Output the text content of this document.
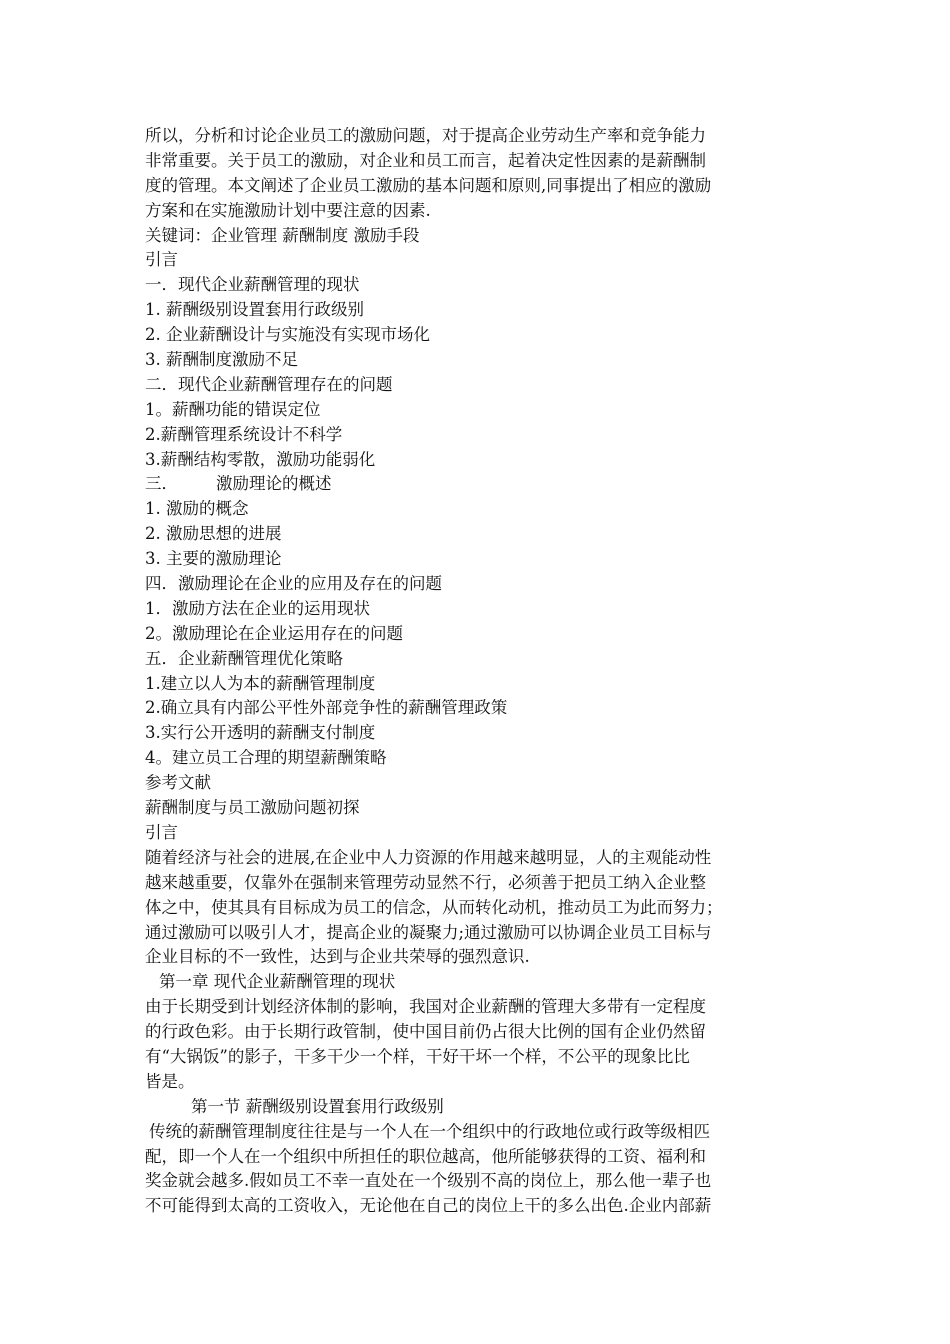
所以，分析和讨论企业员工的激励问题，对于提高企业劳动生产率和竞争能力
非常重要。关于员工的激励，对企业和员工而言，起着决定性因素的是薪酬制
度的管理。本文阐述了企业员工激励的基本问题和原则,同事提出了相应的激励
方案和在实施激励计划中要注意的因素.
关键词：企业管理 薪酬制度 激励手段
引言
一．现代企业薪酬管理的现状
1. 薪酬级别设置套用行政级别
2. 企业薪酬设计与实施没有实现市场化
3. 薪酬制度激励不足
二．现代企业薪酬管理存在的问题
1。薪酬功能的错误定位
2.薪酬管理系统设计不科学
3.薪酬结构零散，激励功能弱化
三． 激励理论的概述
1. 激励的概念
2. 激励思想的进展
3. 主要的激励理论
四．激励理论在企业的应用及存在的问题
1．激励方法在企业的运用现状
2。激励理论在企业运用存在的问题
五．企业薪酬管理优化策略
1.建立以人为本的薪酬管理制度
2.确立具有内部公平性外部竞争性的薪酬管理政策
3.实行公开透明的薪酬支付制度
4。建立员工合理的期望薪酬策略
参考文献
薪酬制度与员工激励问题初探
引言
随着经济与社会的进展,在企业中人力资源的作用越来越明显，人的主观能动性
越来越重要，仅靠外在强制来管理劳动显然不行，必须善于把员工纳入企业整
体之中，使其具有目标成为员工的信念，从而转化动机，推动员工为此而努力；
通过激励可以吸引人才，提高企业的凝聚力;通过激励可以协调企业员工目标与
企业目标的不一致性，达到与企业共荣辱的强烈意识.
第一章 现代企业薪酬管理的现状
由于长期受到计划经济体制的影响，我国对企业薪酬的管理大多带有一定程度
的行政色彩。由于长期行政管制，使中国目前仍占很大比例的国有企业仍然留
有“大锅饭”的影子，干多干少一个样，干好干坏一个样，不公平的现象比比
皆是。
第一节 薪酬级别设置套用行政级别
传统的薪酬管理制度往往是与一个人在一个组织中的行政地位或行政等级相匹
配，即一个人在一个组织中所担任的职位越高，他所能够获得的工资、福利和
奖金就会越多.假如员工不幸一直处在一个级别不高的岗位上，那么他一辈子也
不可能得到太高的工资收入，无论他在自己的岗位上干的多么出色.企业内部薪
